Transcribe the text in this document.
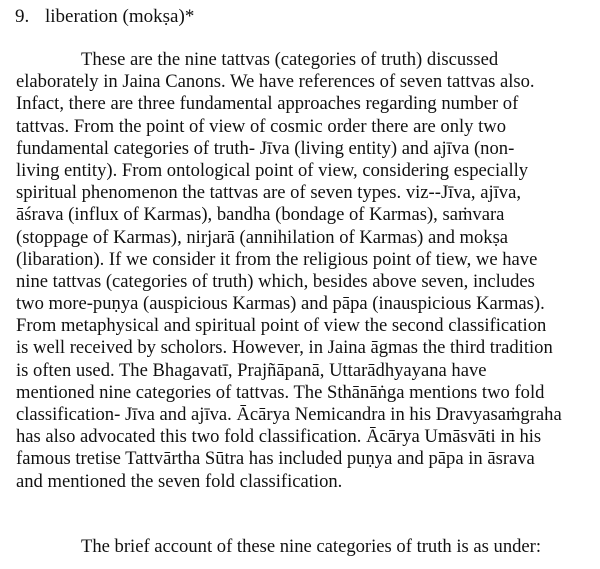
9. liberation (mokṣa)*
These are the nine tattvas (categories of truth) discussed
elaborately in Jaina Canons. We have references of seven tattvas also.
Infact, there are three fundamental approaches regarding number of
tattvas. From the point of view of cosmic order there are only two
fundamental categories of truth- Jīva (living entity) and ajīva (non-
living entity). From ontological point of view, considering especially
spiritual phenomenon the tattvas are of seven types. viz--Jīva, ajīva,
āśrava (influx of Karmas), bandha (bondage of Karmas), saṁvara
(stoppage of Karmas), nirjarā (annihilation of Karmas) and mokṣa
(libaration). If we consider it from the religious point of tiew, we have
nine tattvas (categories of truth) which, besides above seven, includes
two more-puṇya (auspicious Karmas) and pāpa (inauspicious Karmas).
From metaphysical and spiritual point of view the second classification
is well received by scholors. However, in Jaina āgmas the third tradition
is often used. The Bhagavatī, Prajñāpanā, Uttarādhyayana have
mentioned nine categories of tattvas. The Sthānāṅga mentions two fold
classification- Jīva and ajīva. Ācārya Nemicandra in his Dravyasaṁgraha
has also advocated this two fold classification. Ācārya Umāsvāti in his
famous tretise Tattvārtha Sūtra has included puṇya and pāpa in āsrava
and mentioned the seven fold classification.
The brief account of these nine categories of truth is as under:
